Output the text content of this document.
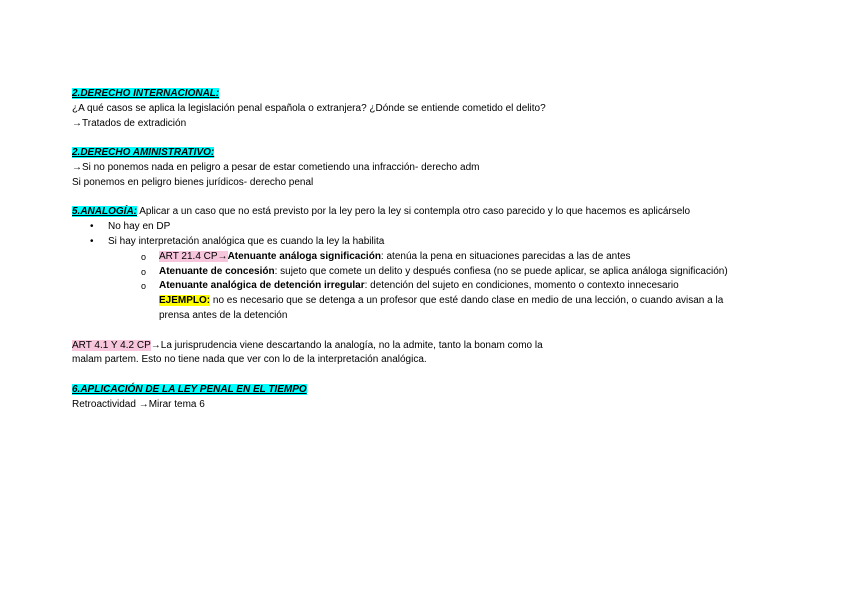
2.DERECHO INTERNACIONAL:
¿A qué casos se aplica la legislación penal española o extranjera? ¿Dónde se entiende cometido el delito?
→Tratados de extradición
2.DERECHO AMINISTRATIVO:
→Si no ponemos nada en peligro a pesar de estar cometiendo una infracción- derecho adm
Si ponemos en peligro bienes jurídicos- derecho penal
5.ANALOGÍA: Aplicar a un caso que no está previsto por la ley pero la ley si contempla otro caso parecido y lo que hacemos es aplicárselo
• No hay en DP
• Si hay interpretación analógica que es cuando la ley la habilita
o ART 21.4 CP→Atenuante análoga significación: atenúa la pena en situaciones parecidas a las de antes
o Atenuante de concesión: sujeto que comete un delito y después confiesa (no se puede aplicar, se aplica análoga significación)
o Atenuante analógica de detención irregular: detención del sujeto en condiciones, momento o contexto innecesario
EJEMPLO: no es necesario que se detenga a un profesor que esté dando clase en medio de una lección, o cuando avisan a la
prensa antes de la detención
ART 4.1 Y 4.2 CP→La jurisprudencia viene descartando la analogía, no la admite, tanto la bonam como la
malam partem. Esto no tiene nada que ver con lo de la interpretación analógica.
6.APLICACIÓN DE LA LEY PENAL EN EL TIEMPO
Retroactividad →Mirar tema 6
